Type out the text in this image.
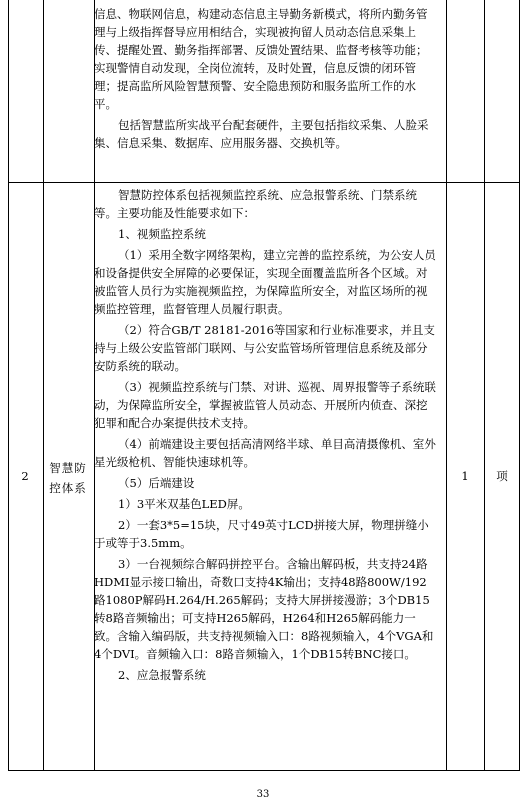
信息、物联网信息，构建动态信息主导勤务新模式，将所内勤务管理与上级指挥督导应用相结合，实现被拘留人员动态信息采集上传、提醒处置、勤务指挥部署、反馈处置结果、监督考核等功能；实现警情自动发现，全岗位流转，及时处置，信息反馈的闭环管理；提高监所风险智慧预警、安全隐患预防和服务监所工作的水平。

包括智慧监所实战平台配套硬件，主要包括指纹采集、人脸采集、信息采集、数据库、应用服务器、交换机等。

2
智慧防控体系
1	项

智慧防控体系包括视频监控系统、应急报警系统、门禁系统等。主要功能及性能要求如下：

1、视频监控系统

（1）采用全数字网络架构，建立完善的监控系统，为公安人员和设备提供安全屏障的必要保证，实现全面覆盖监所各个区域。对被监管人员行为实施视频监控，为保障监所安全，对监区场所的视频监控管理，监督管理人员履行职责。

（2）符合GB/T 28181-2016等国家和行业标准要求，并且支持与上级公安监管部门联网、与公安监管场所管理信息系统及部分安防系统的联动。

（3）视频监控系统与门禁、对讲、巡视、周界报警等子系统联动，为保障监所安全，掌握被监管人员动态、开展所内侦查、深挖犯罪和配合办案提供技术支持。

（4）前端建设主要包括高清网络半球、单目高清摄像机、室外星光级枪机、智能快速球机等。

（5）后端建设

1）3平米双基色LED屏。

2）一套3*5=15块，尺寸49英寸LCD拼接大屏，物理拼缝小于或等于3.5mm。

3）一台视频综合解码拼控平台。含输出解码板，共支持24路HDMI显示接口输出，奇数口支持4K输出；支持48路800W/192路1080P解码H.264/H.265解码；支持大屏拼接漫游；3个DB15转8路音频输出；可支持H265解码，H264和H265解码能力一致。含输入编码版，共支持视频输入口：8路视频输入，4个VGA和4个DVI。音频输入口：8路音频输入，1个DB15转BNC接口。

2、应急报警系统

33
